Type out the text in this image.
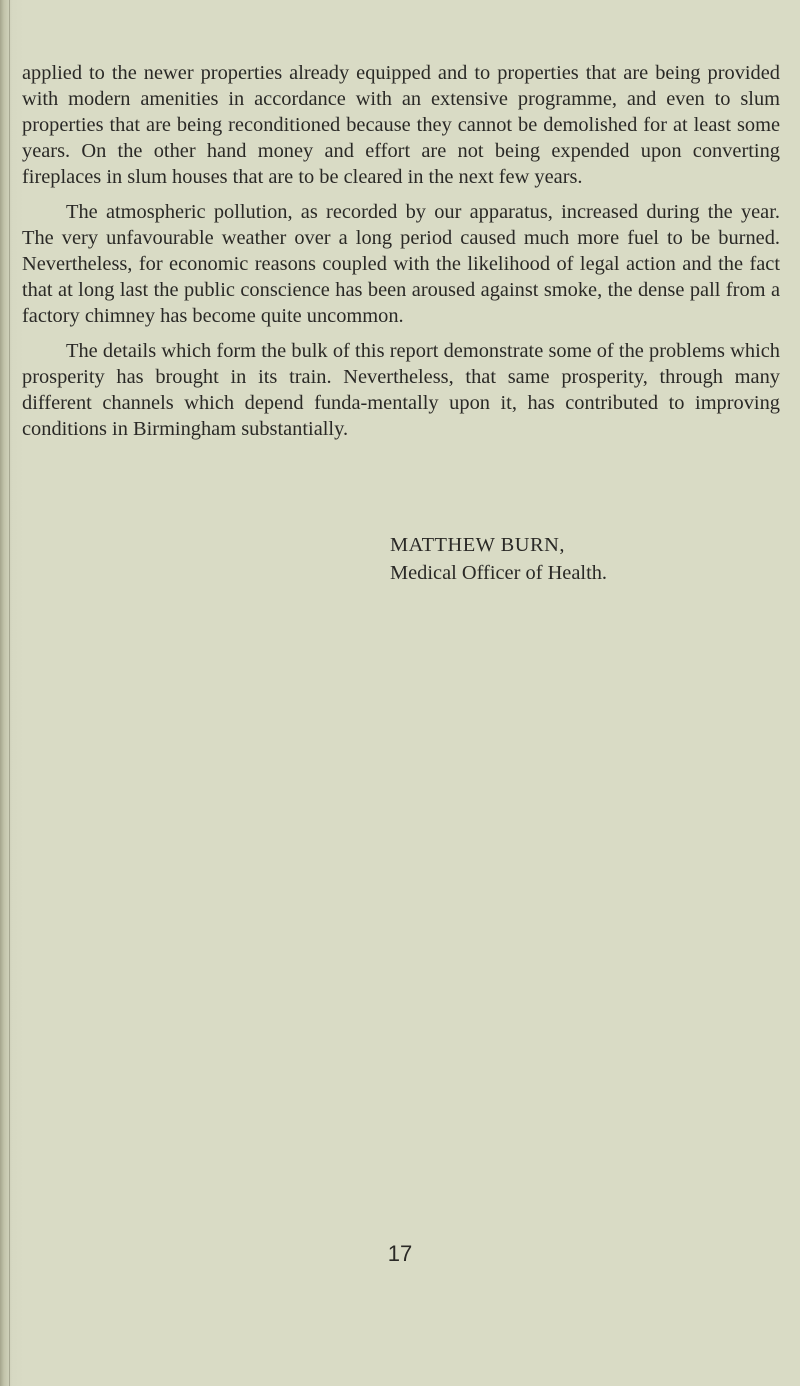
applied to the newer properties already equipped and to properties that are being provided with modern amenities in accordance with an extensive programme, and even to slum properties that are being reconditioned because they cannot be demolished for at least some years. On the other hand money and effort are not being expended upon converting fireplaces in slum houses that are to be cleared in the next few years.

The atmospheric pollution, as recorded by our apparatus, increased during the year. The very unfavourable weather over a long period caused much more fuel to be burned. Nevertheless, for economic reasons coupled with the likelihood of legal action and the fact that at long last the public conscience has been aroused against smoke, the dense pall from a factory chimney has become quite uncommon.

The details which form the bulk of this report demonstrate some of the problems which prosperity has brought in its train. Nevertheless, that same prosperity, through many different channels which depend funda-mentally upon it, has contributed to improving conditions in Birmingham substantially.

MATTHEW BURN,
Medical Officer of Health.
17
